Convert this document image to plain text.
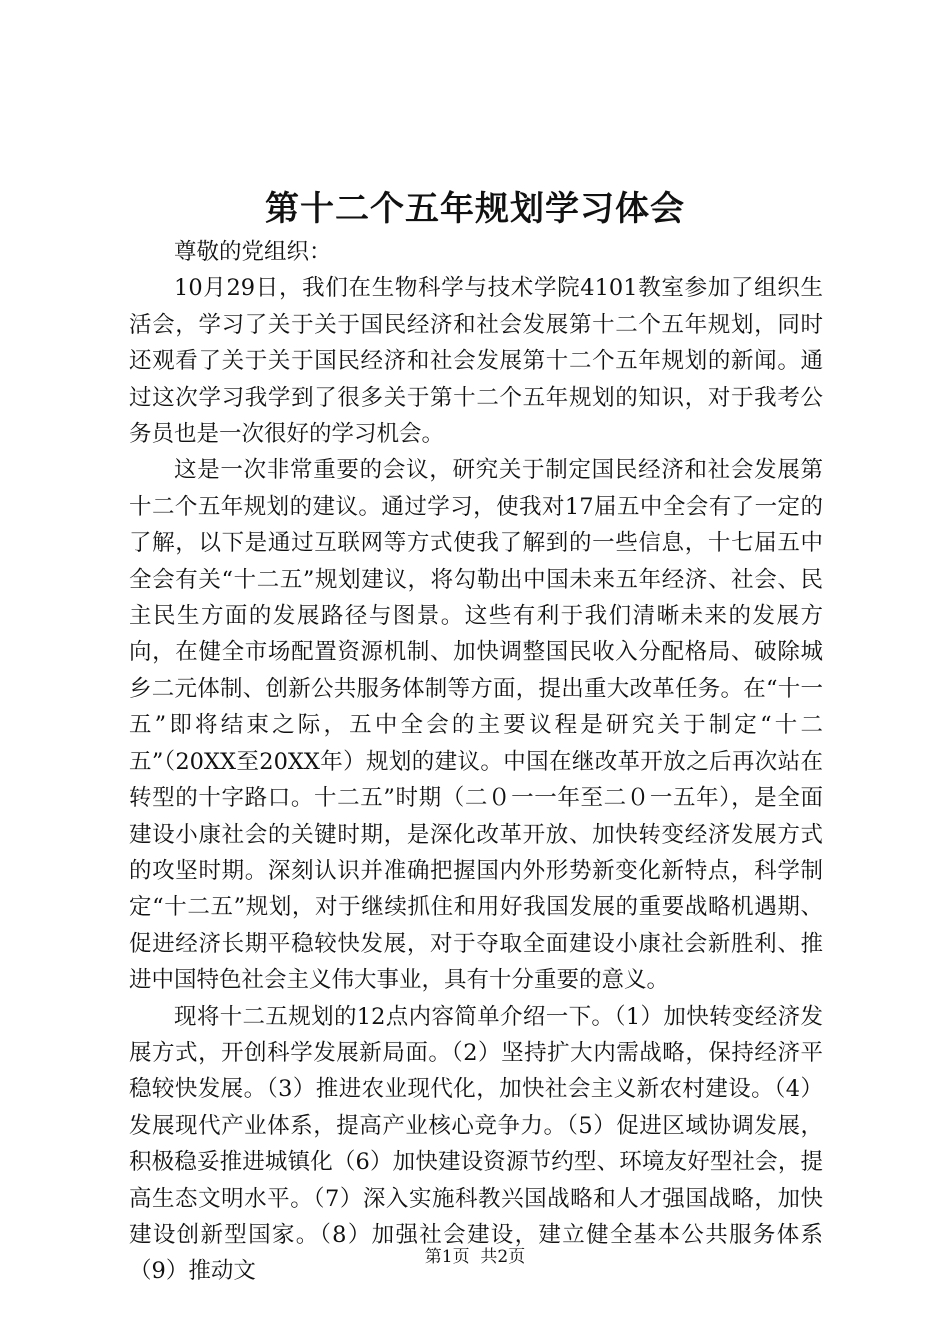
第十二个五年规划学习体会

尊敬的党组织：

10月29日，我们在生物科学与技术学院4101教室参加了组织生活会，学习了关于关于国民经济和社会发展第十二个五年规划，同时还观看了关于关于国民经济和社会发展第十二个五年规划的新闻。通过这次学习我学到了很多关于第十二个五年规划的知识，对于我考公务员也是一次很好的学习机会。

这是一次非常重要的会议，研究关于制定国民经济和社会发展第十二个五年规划的建议。通过学习，使我对17届五中全会有了一定的了解，以下是通过互联网等方式使我了解到的一些信息，十七届五中全会有关“十二五”规划建议，将勾勒出中国未来五年经济、社会、民主民生方面的发展路径与图景。这些有利于我们清晰未来的发展方向，在健全市场配置资源机制、加快调整国民收入分配格局、破除城乡二元体制、创新公共服务体制等方面，提出重大改革任务。在“十一五”即将结束之际，五中全会的主要议程是研究关于制定“十二五”（20XX至20XX年）规划的建议。中国在继改革开放之后再次站在转型的十字路口。十二五”时期（二０一一年至二０一五年），是全面建设小康社会的关键时期，是深化改革开放、加快转变经济发展方式的攻坚时期。深刻认识并准确把握国内外形势新变化新特点，科学制定“十二五”规划，对于继续抓住和用好我国发展的重要战略机遇期、促进经济长期平稳较快发展，对于夺取全面建设小康社会新胜利、推进中国特色社会主义伟大事业，具有十分重要的意义。

现将十二五规划的12点内容简单介绍一下。（1）加快转变经济发展方式，开创科学发展新局面。（2）坚持扩大内需战略，保持经济平稳较快发展。（3）推进农业现代化，加快社会主义新农村建设。（4）发展现代产业体系，提高产业核心竞争力。（5）促进区域协调发展，积极稳妥推进城镇化（6）加快建设资源节约型、环境友好型社会，提高生态文明水平。（7）深入实施科教兴国战略和人才强国战略，加快建设创新型国家。（8）加强社会建设，建立健全基本公共服务体系（9）推动文

第1页 共2页
